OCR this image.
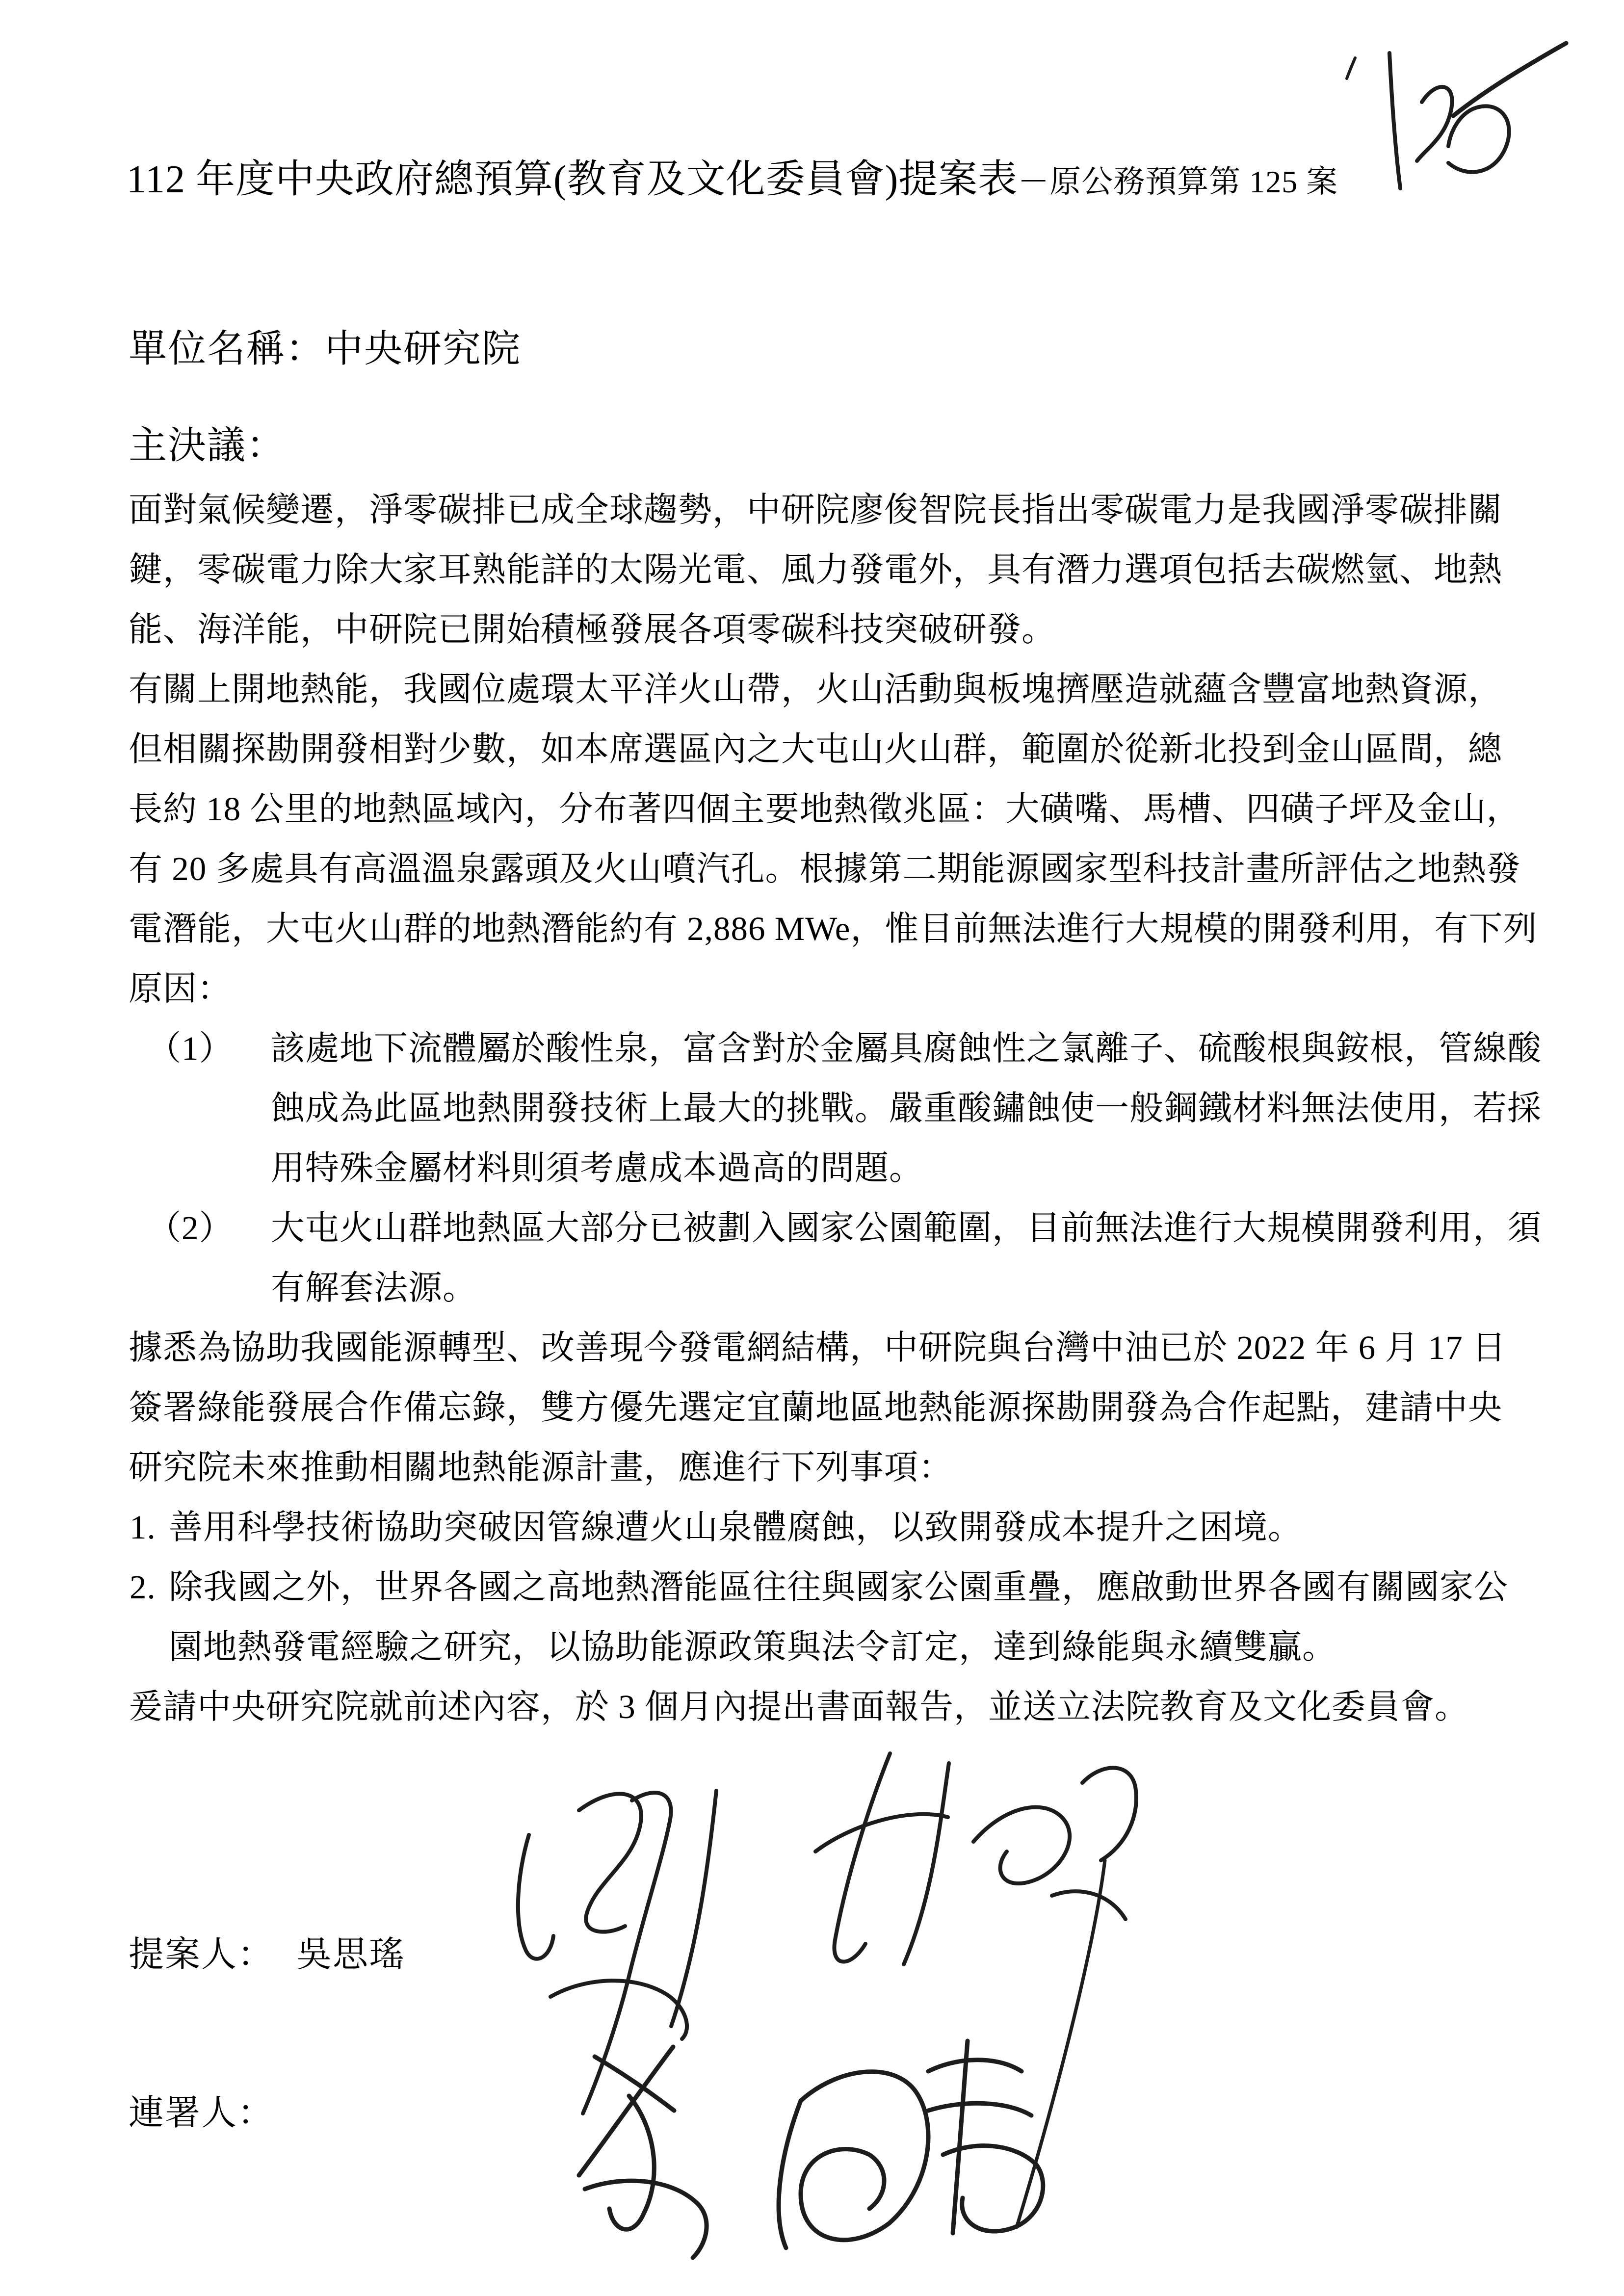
112 年度中央政府總預算(教育及文化委員會)提案表－原公務預算第 125 案
單位名稱：中央研究院
主決議：
面對氣候變遷，淨零碳排已成全球趨勢，中研院廖俊智院長指出零碳電力是我國淨零碳排關
鍵，零碳電力除大家耳熟能詳的太陽光電、風力發電外，具有潛力選項包括去碳燃氫、地熱
能、海洋能，中研院已開始積極發展各項零碳科技突破研發。
有關上開地熱能，我國位處環太平洋火山帶，火山活動與板塊擠壓造就蘊含豐富地熱資源，
但相關探勘開發相對少數，如本席選區內之大屯山火山群，範圍於從新北投到金山區間，總
長約 18 公里的地熱區域內，分布著四個主要地熱徵兆區：大磺嘴、馬槽、四磺子坪及金山，
有 20 多處具有高溫溫泉露頭及火山噴汽孔。根據第二期能源國家型科技計畫所評估之地熱發
電潛能，大屯火山群的地熱潛能約有 2,886 MWe，惟目前無法進行大規模的開發利用，有下列
原因：
（1） 該處地下流體屬於酸性泉，富含對於金屬具腐蝕性之氯離子、硫酸根與銨根，管線酸
蝕成為此區地熱開發技術上最大的挑戰。嚴重酸鏽蝕使一般鋼鐵材料無法使用，若採
用特殊金屬材料則須考慮成本過高的問題。
（2） 大屯火山群地熱區大部分已被劃入國家公園範圍，目前無法進行大規模開發利用，須
有解套法源。
據悉為協助我國能源轉型、改善現今發電網結構，中研院與台灣中油已於 2022 年 6 月 17 日
簽署綠能發展合作備忘錄，雙方優先選定宜蘭地區地熱能源探勘開發為合作起點，建請中央
研究院未來推動相關地熱能源計畫，應進行下列事項：
1. 善用科學技術協助突破因管線遭火山泉體腐蝕，以致開發成本提升之困境。
2. 除我國之外，世界各國之高地熱潛能區往往與國家公園重疊，應啟動世界各國有關國家公
園地熱發電經驗之研究，以協助能源政策與法令訂定，達到綠能與永續雙贏。
爰請中央研究院就前述內容，於 3 個月內提出書面報告，並送立法院教育及文化委員會。
提案人： 吳思瑤
連署人：
